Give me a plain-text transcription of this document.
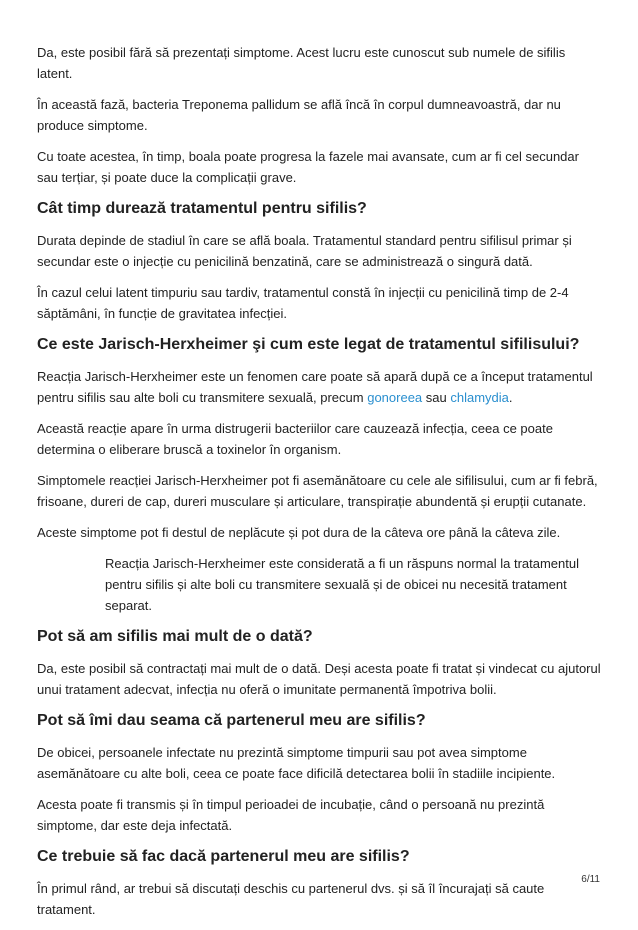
Da, este posibil fără să prezentați simptome. Acest lucru este cunoscut sub numele de sifilis latent.

În această fază, bacteria Treponema pallidum se află încă în corpul dumneavoastră, dar nu produce simptome.

Cu toate acestea, în timp, boala poate progresa la fazele mai avansate, cum ar fi cel secundar sau terțiar, și poate duce la complicații grave.

Cât timp durează tratamentul pentru sifilis?

Durata depinde de stadiul în care se află boala. Tratamentul standard pentru sifilisul primar și secundar este o injecție cu penicilină benzatină, care se administrează o singură dată.

În cazul celui latent timpuriu sau tardiv, tratamentul constă în injecții cu penicilină timp de 2-4 săptămâni, în funcție de gravitatea infecției.

Ce este Jarisch-Herxheimer şi cum este legat de tratamentul sifilisului?

Reacția Jarisch-Herxheimer este un fenomen care poate să apară după ce a început tratamentul pentru sifilis sau alte boli cu transmitere sexuală, precum gonoreea sau chlamydia.

Această reacție apare în urma distrugerii bacteriilor care cauzează infecția, ceea ce poate determina o eliberare bruscă a toxinelor în organism.

Simptomele reacției Jarisch-Herxheimer pot fi asemănătoare cu cele ale sifilisului, cum ar fi febră, frisoane, dureri de cap, dureri musculare și articulare, transpirație abundentă și erupții cutanate.

Aceste simptome pot fi destul de neplăcute și pot dura de la câteva ore până la câteva zile.

Reacția Jarisch-Herxheimer este considerată a fi un răspuns normal la tratamentul pentru sifilis și alte boli cu transmitere sexuală și de obicei nu necesită tratament separat.
Pot să am sifilis mai mult de o dată?

Da, este posibil să contractați mai mult de o dată. Deși acesta poate fi tratat și vindecat cu ajutorul unui tratament adecvat, infecția nu oferă o imunitate permanentă împotriva bolii.

Pot să îmi dau seama că partenerul meu are sifilis?

De obicei, persoanele infectate nu prezintă simptome timpurii sau pot avea simptome asemănătoare cu alte boli, ceea ce poate face dificilă detectarea bolii în stadiile incipiente.

Acesta poate fi transmis și în timpul perioadei de incubație, când o persoană nu prezintă simptome, dar este deja infectată.

Ce trebuie să fac dacă partenerul meu are sifilis?

În primul rând, ar trebui să discutați deschis cu partenerul dvs. și să îl încurajați să caute tratament.

6/11
